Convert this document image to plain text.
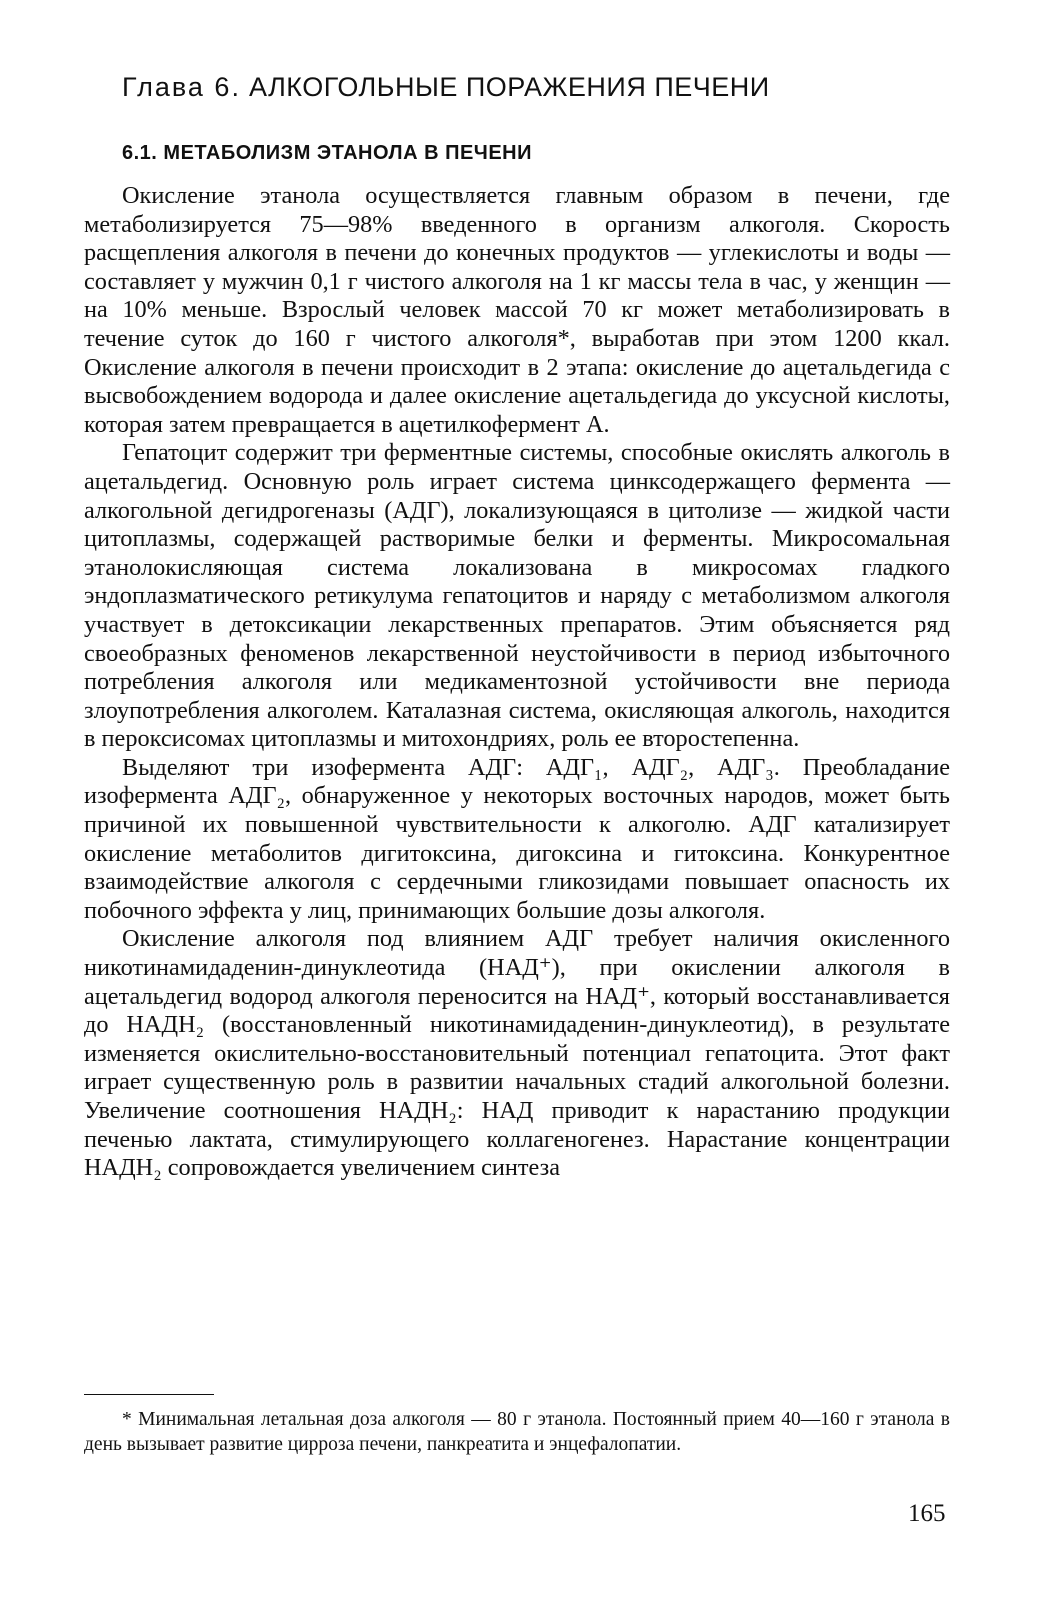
Глава 6. АЛКОГОЛЬНЫЕ ПОРАЖЕНИЯ ПЕЧЕНИ
6.1. МЕТАБОЛИЗМ ЭТАНОЛА В ПЕЧЕНИ

Окисление этанола осуществляется главным образом в печени, где метаболизируется 75—98% введенного в организм алкоголя. Скорость расщепления алкоголя в печени до конечных продуктов — углекислоты и воды — составляет у мужчин 0,1 г чистого алкоголя на 1 кг массы тела в час, у женщин — на 10% меньше. Взрослый человек массой 70 кг может метаболизировать в течение суток до 160 г чистого алкоголя*, выработав при этом 1200 ккал. Окисление алкоголя в печени происходит в 2 этапа: окисление до ацетальдегида с высвобождением водорода и далее окисление ацетальдегида до уксусной кислоты, которая затем превращается в ацетилкофермент А.

Гепатоцит содержит три ферментные системы, способные окислять алкоголь в ацетальдегид. Основную роль играет система цинксодержащего фермента — алкогольной дегидрогеназы (АДГ), локализующаяся в цитолизе — жидкой части цитоплазмы, содержащей растворимые белки и ферменты. Микросомальная этанолокисляющая система локализована в микросомах гладкого эндоплазматического ретикулума гепатоцитов и наряду с метаболизмом алкоголя участвует в детоксикации лекарственных препаратов. Этим объясняется ряд своеобразных феноменов лекарственной неустойчивости в период избыточного потребления алкоголя или медикаментозной устойчивости вне периода злоупотребления алкоголем. Каталазная система, окисляющая алкоголь, находится в пероксисомах цитоплазмы и митохондриях, роль ее второстепенна.

Выделяют три изофермента АДГ: АДГ₁, АДГ₂, АДГ₃. Преобладание изофермента АДГ₂, обнаруженное у некоторых восточных народов, может быть причиной их повышенной чувствительности к алкоголю. АДГ катализирует окисление метаболитов дигитоксина, дигоксина и гитоксина. Конкурентное взаимодействие алкоголя с сердечными гликозидами повышает опасность их побочного эффекта у лиц, принимающих большие дозы алкоголя.

Окисление алкоголя под влиянием АДГ требует наличия окисленного никотинамидаденин-динуклеотида (НАД⁺), при окислении алкоголя в ацетальдегид водород алкоголя переносится на НАД⁺, который восстанавливается до НАДН₂ (восстановленный никотинамидаденин-динуклеотид), в результате изменяется окислительно-восстановительный потенциал гепатоцита. Этот факт играет существенную роль в развитии начальных стадий алкогольной болезни. Увеличение соотношения НАДН₂: НАД приводит к нарастанию продукции печенью лактата, стимулирующего коллагеногенез. Нарастание концентрации НАДН₂ сопровождается увеличением синтеза

* Минимальная летальная доза алкоголя — 80 г этанола. Постоянный прием 40—160 г этанола в день вызывает развитие цирроза печени, панкреатита и энцефалопатии.

165
